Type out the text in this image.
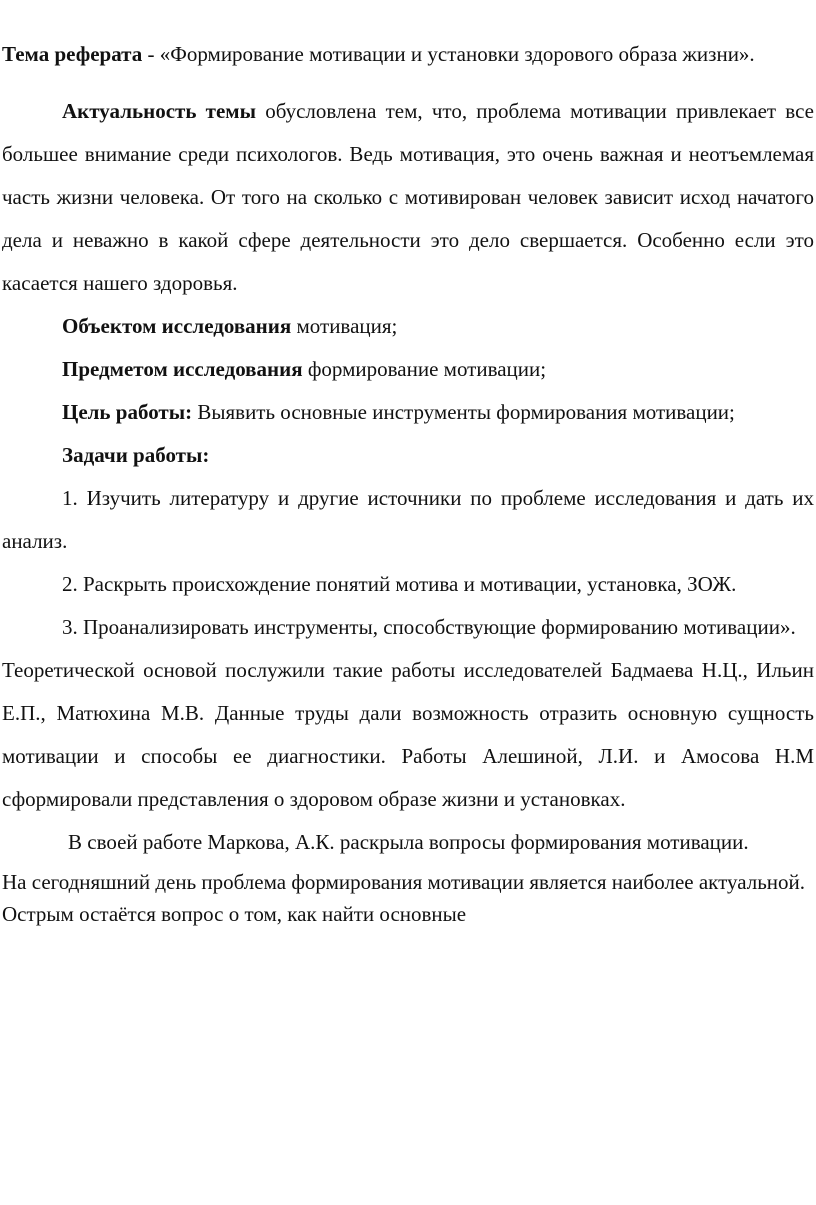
Тема реферата - «Формирование мотивации и установки здорового образа жизни».

Актуальность темы обусловлена тем, что, проблема мотивации привлекает все большее внимание среди психологов. Ведь мотивация, это очень важная и неотъемлемая часть жизни человека. От того на сколько с мотивирован человек зависит исход начатого дела и неважно в какой сфере деятельности это дело свершается. Особенно если это касается нашего здоровья.

Объектом исследования мотивация;

Предметом исследования формирование мотивации;

Цель работы: Выявить основные инструменты формирования мотивации;

Задачи работы:

1. Изучить литературу и другие источники по проблеме исследования и дать их анализ.

2. Раскрыть происхождение понятий мотива и мотивации, установка, ЗОЖ.

3. Проанализировать инструменты, способствующие формированию мотивации».

Теоретической основой послужили такие работы исследователей Бадмаева Н.Ц., Ильин Е.П., Матюхина М.В. Данные труды дали возможность отразить основную сущность мотивации и способы ее диагностики. Работы Алешиной, Л.И. и Амосова Н.М сформировали представления о здоровом образе жизни и установках.

В своей работе Маркова, А.К. раскрыла вопросы формирования мотивации.

На сегодняшний день проблема формирования мотивации является наиболее актуальной. Острым остаётся вопрос о том, как найти основные
